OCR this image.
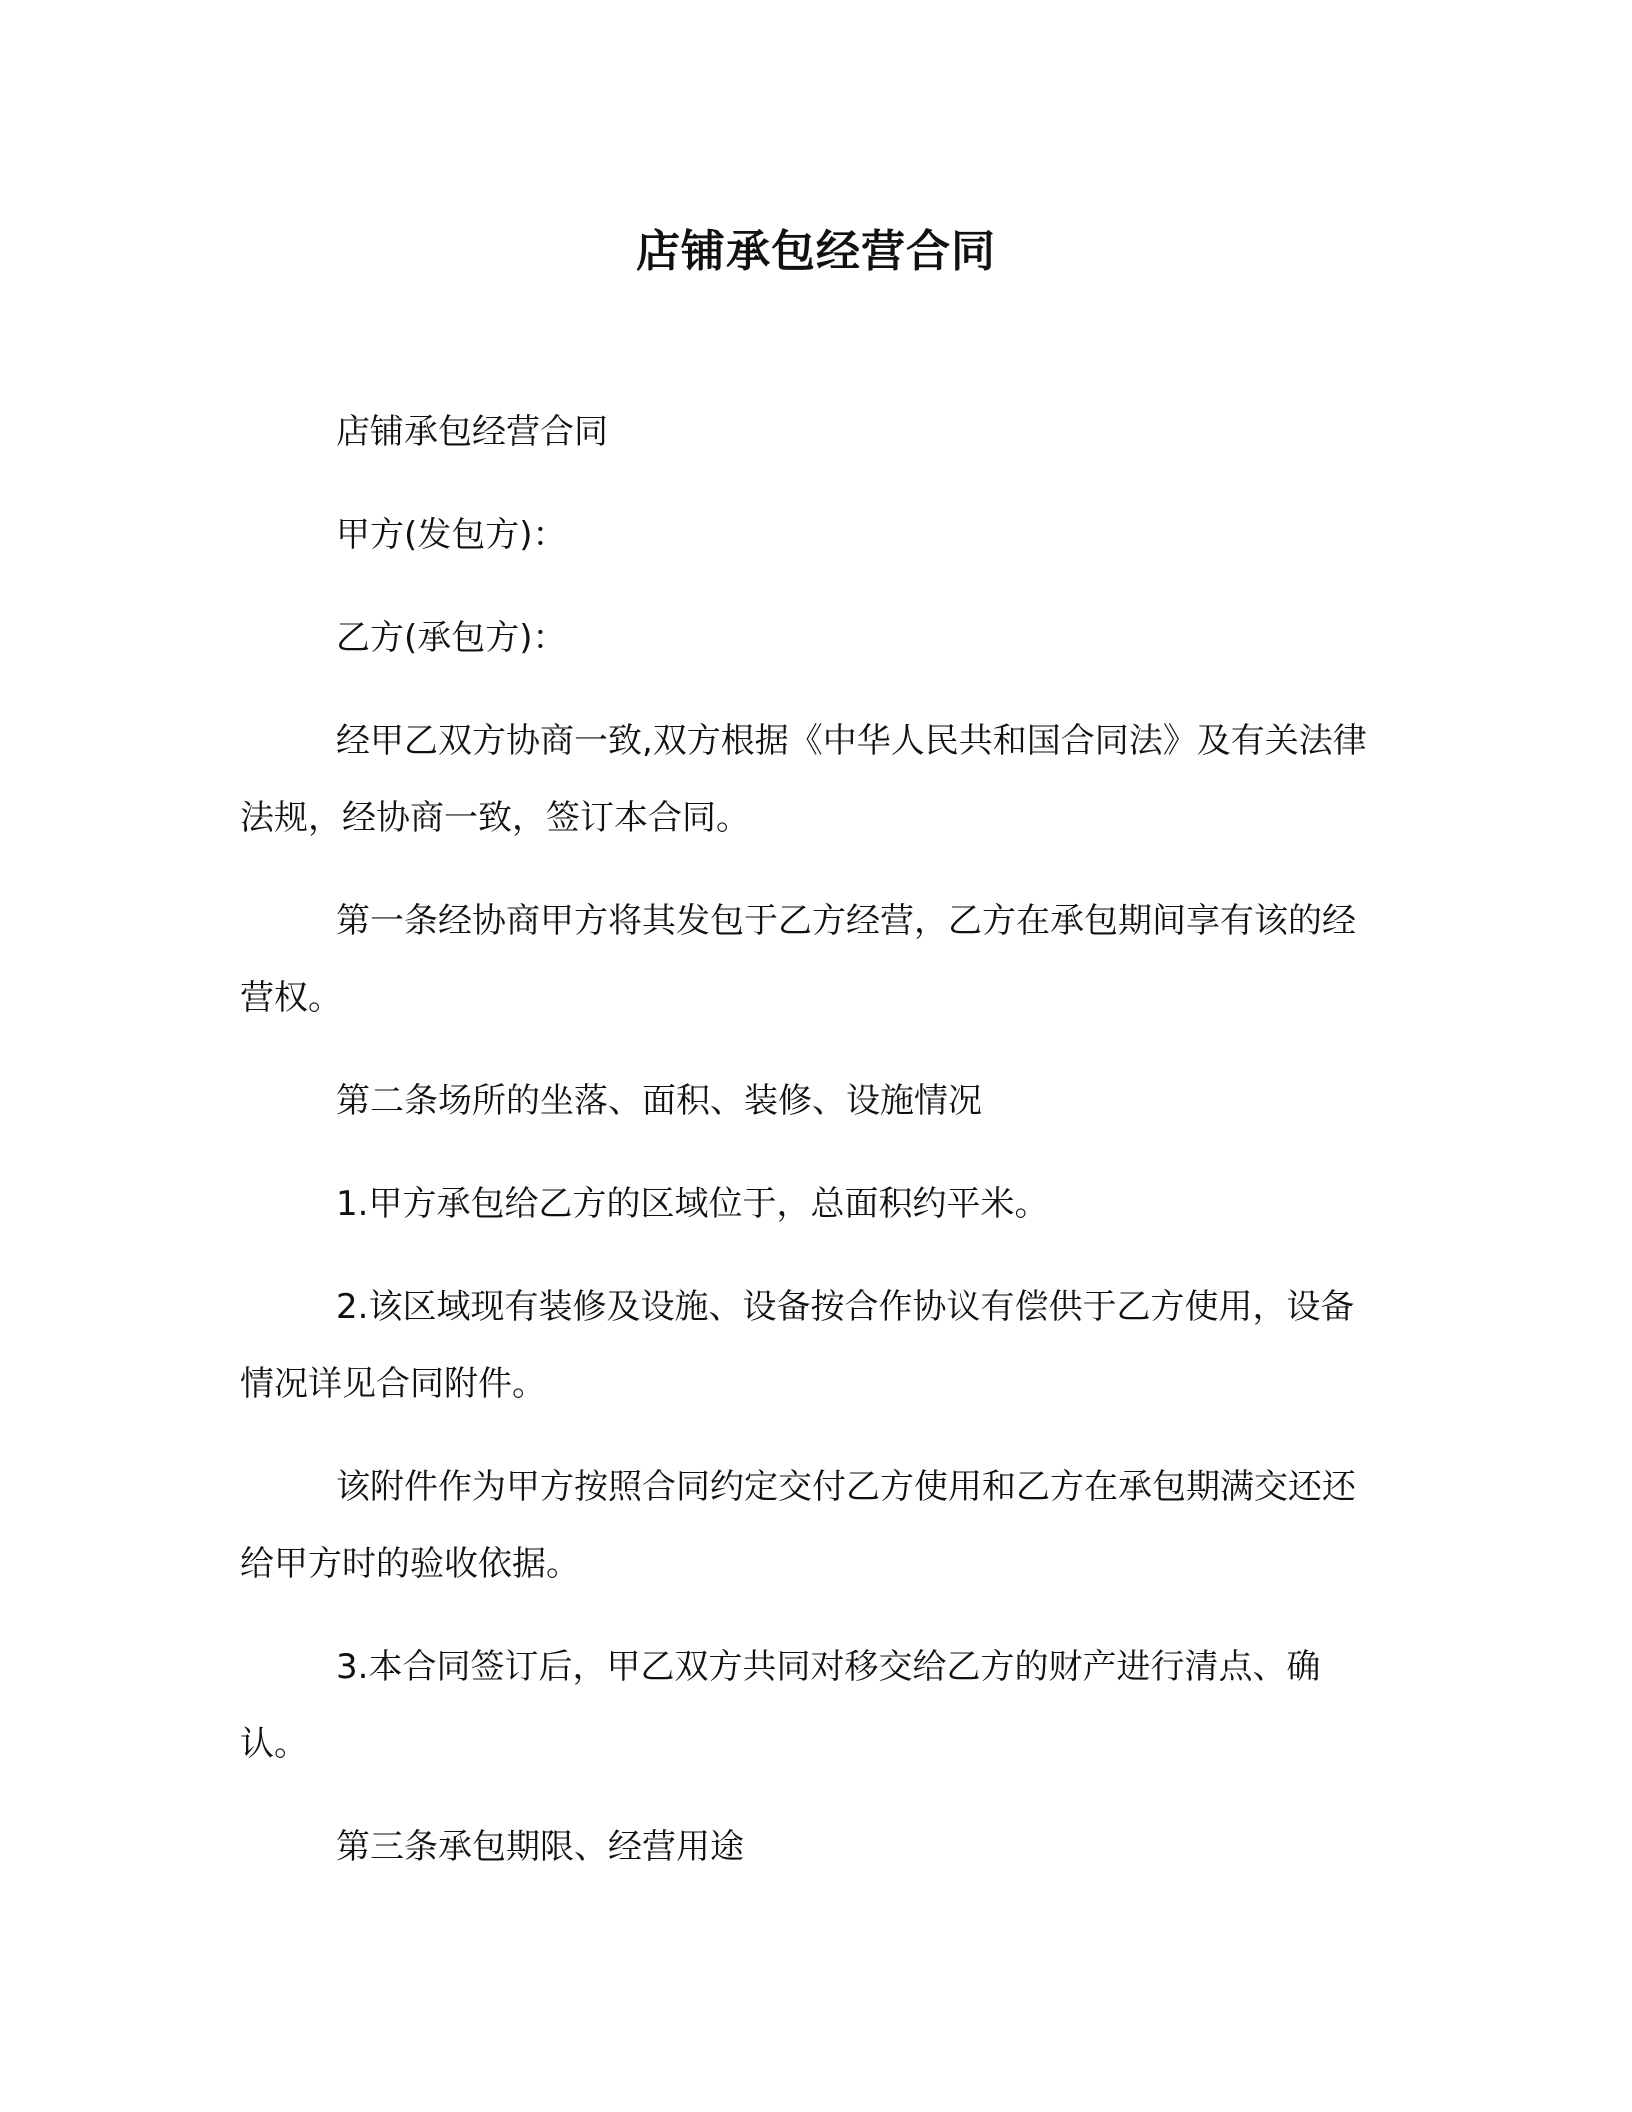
店铺承包经营合同

店铺承包经营合同

甲方(发包方)：

乙方(承包方)：

经甲乙双方协商一致,双方根据《中华人民共和国合同法》及有关法律法规，经协商一致，签订本合同。

第一条经协商甲方将其发包于乙方经营，乙方在承包期间享有该的经营权。

第二条场所的坐落、面积、装修、设施情况

1.甲方承包给乙方的区域位于，总面积约平米。

2.该区域现有装修及设施、设备按合作协议有偿供于乙方使用，设备情况详见合同附件。

该附件作为甲方按照合同约定交付乙方使用和乙方在承包期满交还还给甲方时的验收依据。

3.本合同签订后，甲乙双方共同对移交给乙方的财产进行清点、确认。

第三条承包期限、经营用途
